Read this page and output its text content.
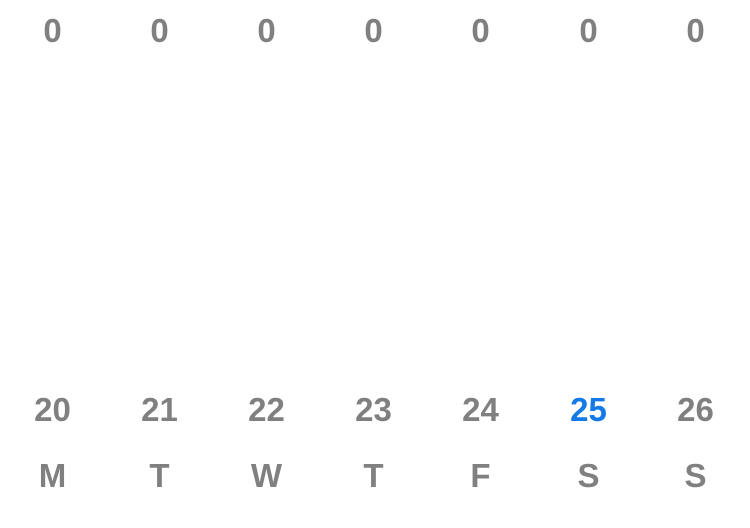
0
20
M
0
21
T
0
22
W
0
23
T
0
24
F
0
25
S
0
26
S
